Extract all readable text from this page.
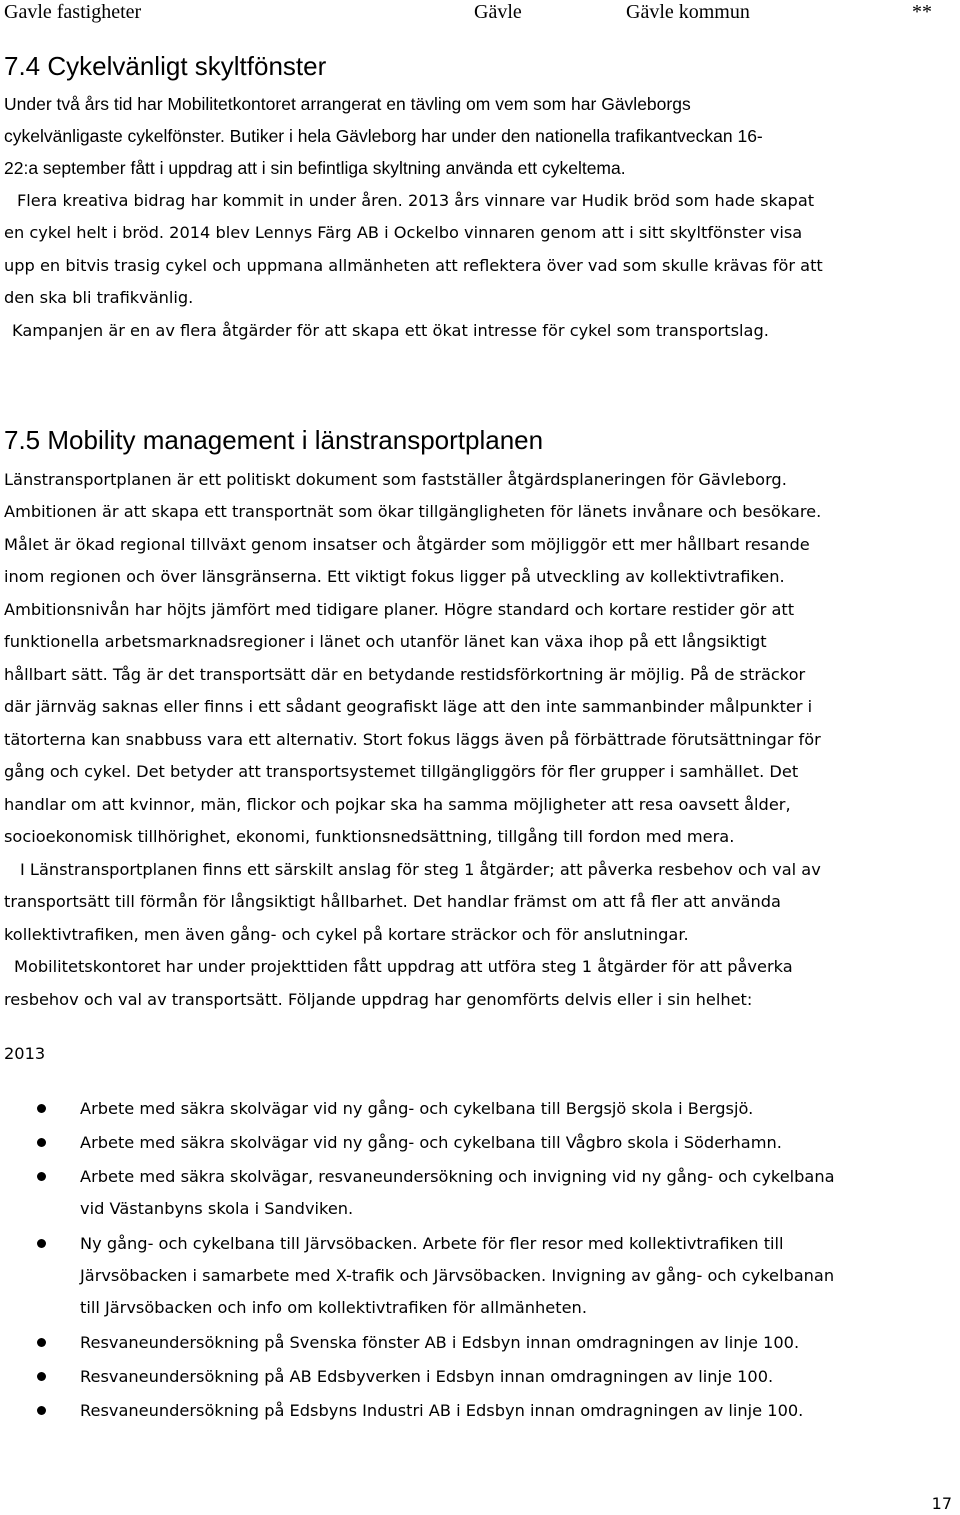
Gavle fastigheter	Gävle	Gävle kommun	**
7.4 Cykelvänligt skyltfönster
Under två års tid har Mobilitetkontoret arrangerat en tävling om vem som har Gävleborgs
cykelvänligaste cykelfönster. Butiker i hela Gävleborg har under den nationella trafikantveckan 16-
22:a september fått i uppdrag att i sin befintliga skyltning använda ett cykeltema.
Flera kreativa bidrag har kommit in under åren. 2013 års vinnare var Hudik bröd som hade skapat
en cykel helt i bröd. 2014 blev Lennys Färg AB i Ockelbo vinnaren genom att i sitt skyltfönster visa
upp en bitvis trasig cykel och uppmana allmänheten att reflektera över vad som skulle krävas för att
den ska bli trafikvänlig.
Kampanjen är en av flera åtgärder för att skapa ett ökat intresse för cykel som transportslag.
7.5 Mobility management i länstransportplanen
Länstransportplanen är ett politiskt dokument som fastställer åtgärdsplaneringen för Gävleborg.
Ambitionen är att skapa ett transportnät som ökar tillgängligheten för länets invånare och besökare.
Målet är ökad regional tillväxt genom insatser och åtgärder som möjliggör ett mer hållbart resande
inom regionen och över länsgränserna. Ett viktigt fokus ligger på utveckling av kollektivtrafiken.
Ambitionsnivån har höjts jämfört med tidigare planer. Högre standard och kortare restider gör att
funktionella arbetsmarknadsregioner i länet och utanför länet kan växa ihop på ett långsiktigt
hållbart sätt. Tåg är det transportsätt där en betydande restidsförkortning är möjlig. På de sträckor
där järnväg saknas eller finns i ett sådant geografiskt läge att den inte sammanbinder målpunkter i
tätorterna kan snabbuss vara ett alternativ. Stort fokus läggs även på förbättrade förutsättningar för
gång och cykel. Det betyder att transportsystemet tillgängliggörs för fler grupper i samhället. Det
handlar om att kvinnor, män, flickor och pojkar ska ha samma möjligheter att resa oavsett ålder,
socioekonomisk tillhörighet, ekonomi, funktionsnedsättning, tillgång till fordon med mera.
I Länstransportplanen finns ett särskilt anslag för steg 1 åtgärder; att påverka resbehov och val av
transportsätt till förmån för långsiktigt hållbarhet. Det handlar främst om att få fler att använda
kollektivtrafiken, men även gång- och cykel på kortare sträckor och för anslutningar.
Mobilitetskontoret har under projekttiden fått uppdrag att utföra steg 1 åtgärder för att påverka
resbehov och val av transportsätt. Följande uppdrag har genomförts delvis eller i sin helhet:
2013
Arbete med säkra skolvägar vid ny gång- och cykelbana till Bergsjö skola i Bergsjö.
Arbete med säkra skolvägar vid ny gång- och cykelbana till Vågbro skola i Söderhamn.
Arbete med säkra skolvägar, resvaneundersökning och invigning vid ny gång- och cykelbana
vid Västanbyns skola i Sandviken.
Ny gång- och cykelbana till Järvsöbacken. Arbete för fler resor med kollektivtrafiken till
Järvsöbacken i samarbete med X-trafik och Järvsöbacken. Invigning av gång- och cykelbanan
till Järvsöbacken och info om kollektivtrafiken för allmänheten.
Resvaneundersökning på Svenska fönster AB i Edsbyn innan omdragningen av linje 100.
Resvaneundersökning på AB Edsbyverken i Edsbyn innan omdragningen av linje 100.
Resvaneundersökning på Edsbyns Industri AB i Edsbyn innan omdragningen av linje 100.
17
